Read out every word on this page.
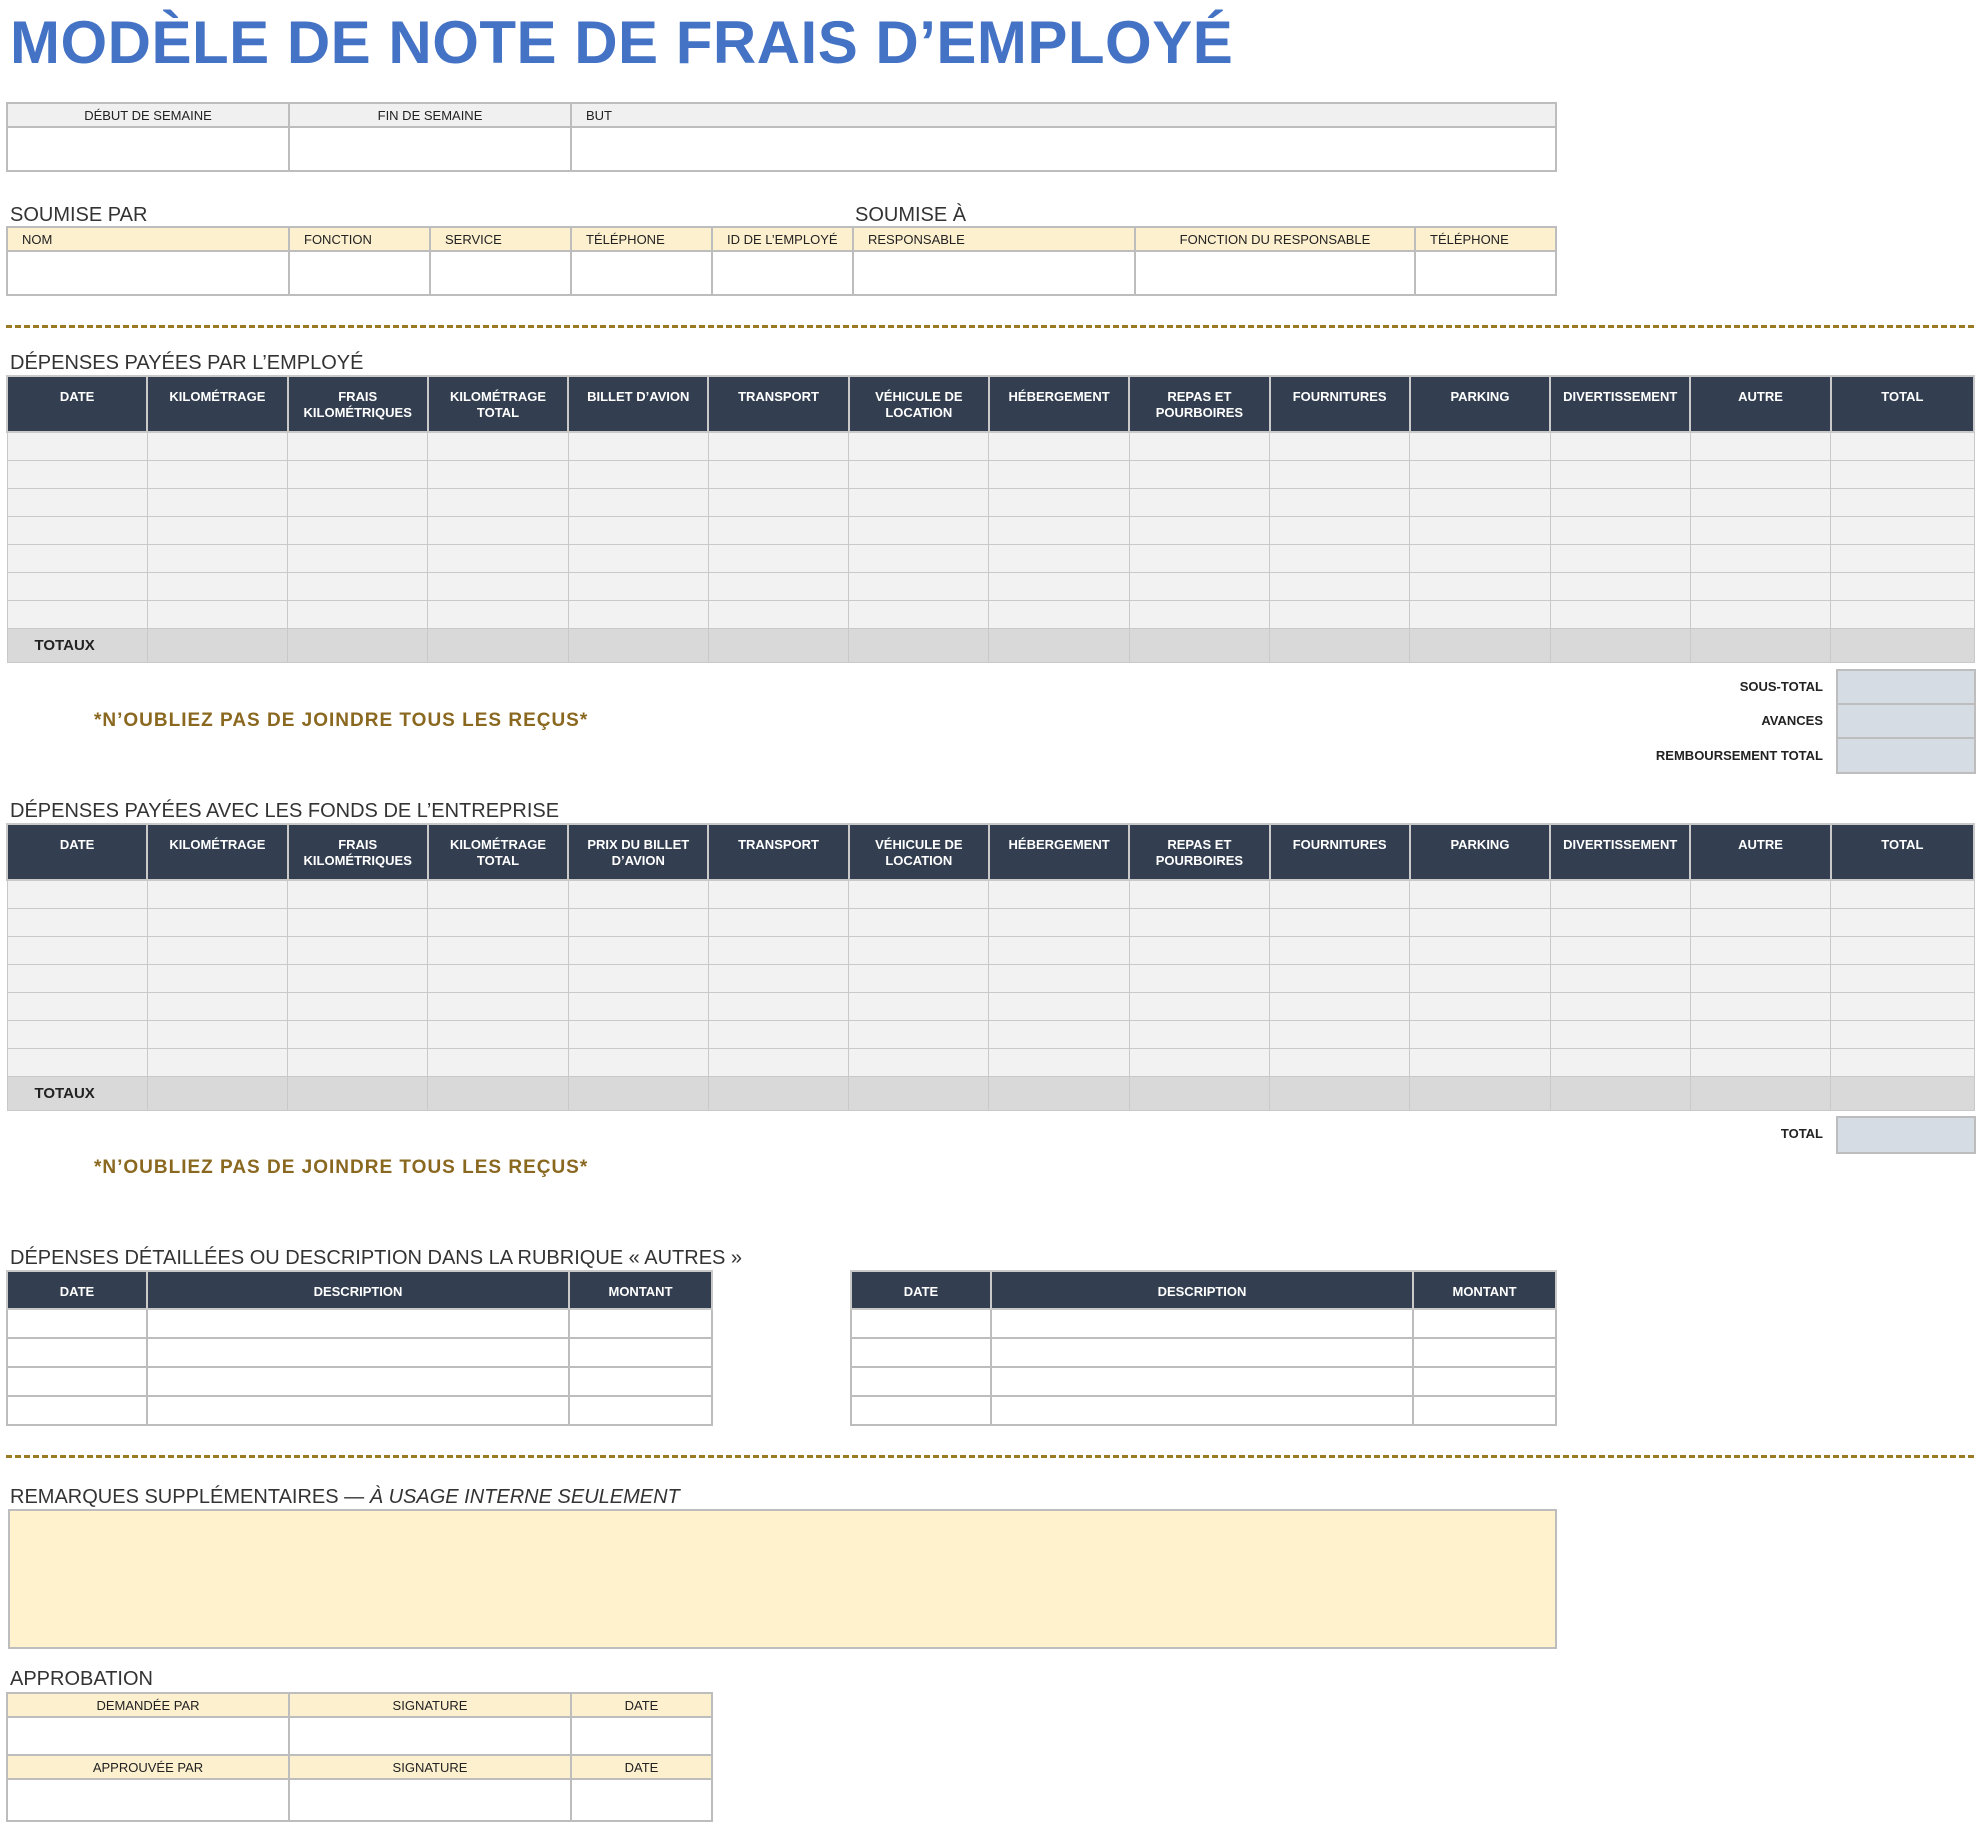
MODÈLE DE NOTE DE FRAIS D’EMPLOYÉ
DÉBUT DE SEMAINE	FIN DE SEMAINE	BUT

SOUMISE PAR	SOUMISE À
NOM	FONCTION	SERVICE	TÉLÉPHONE	ID DE L’EMPLOYÉ	RESPONSABLE	FONCTION DU RESPONSABLE	TÉLÉPHONE

DÉPENSES PAYÉES PAR L’EMPLOYÉ
DATE	KILOMÉTRAGE	FRAIS KILOMÉTRIQUES	KILOMÉTRAGE TOTAL	BILLET D’AVION	TRANSPORT	VÉHICULE DE LOCATION	HÉBERGEMENT	REPAS ET POURBOIRES	FOURNITURES	PARKING	DIVERTISSEMENT	AUTRE	TOTAL

TOTAUX													
*N’OUBLIEZ PAS DE JOINDRE TOUS LES REÇUS*
SOUS-TOTAL
AVANCES
REMBOURSEMENT TOTAL
DÉPENSES PAYÉES AVEC LES FONDS DE L’ENTREPRISE
DATE	KILOMÉTRAGE	FRAIS KILOMÉTRIQUES	KILOMÉTRAGE TOTAL	PRIX DU BILLET D’AVION	TRANSPORT	VÉHICULE DE LOCATION	HÉBERGEMENT	REPAS ET POURBOIRES	FOURNITURES	PARKING	DIVERTISSEMENT	AUTRE	TOTAL

TOTAUX													
TOTAL
*N’OUBLIEZ PAS DE JOINDRE TOUS LES REÇUS*
DÉPENSES DÉTAILLÉES OU DESCRIPTION DANS LA RUBRIQUE « AUTRES »
DATE	DESCRIPTION	MONTANT

			DATE	DESCRIPTION	MONTANT

REMARQUES SUPPLÉMENTAIRES — À USAGE INTERNE SEULEMENT
APPROBATION
DEMANDÉE PAR	SIGNATURE	DATE

APPROUVÉE PAR	SIGNATURE	DATE
